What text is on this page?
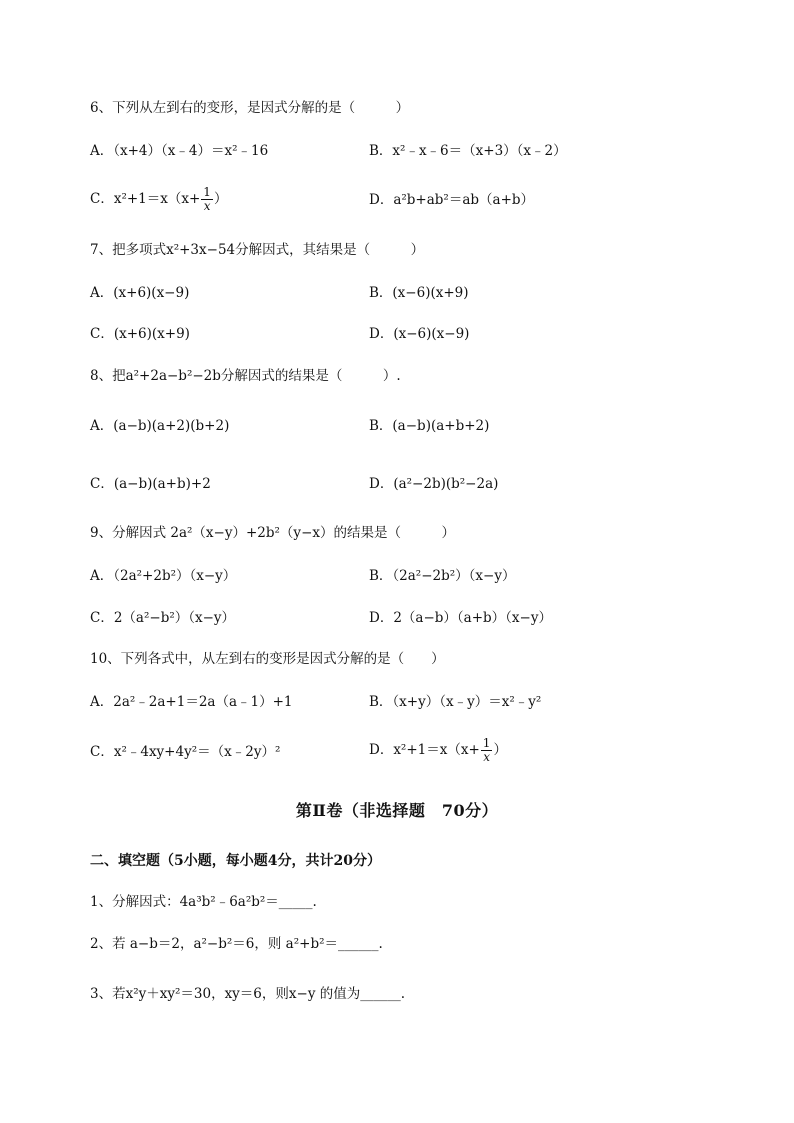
6、下列从左到右的变形，是因式分解的是（　　　）
A．（x+4）（x﹣4）＝x²﹣16	B．x²﹣x﹣6＝（x+3）（x﹣2）
C．$x^2+1=x(x+ \frac{1}{x}$ ）	D．a²b+ab²＝ab（a+b）
7、把多项式x²+3x−54分解因式，其结果是（　　　）
A．(x+6)(x−9)	B．(x−6)(x+9)
C．(x+6)(x+9)	D．(x−6)(x−9)
8、把a²+2a−b²−2b分解因式的结果是（　　　）.
A．(a−b)(a+2)(b+2)	B．(a−b)(a+b+2)
C．(a−b)(a+b)+2	D．(a²−2b)(b²−2a)
9、分解因式 2a²（x−y）+2b²（y−x）的结果是（　　　）
A．（2a²+2b²）（x−y）	B．（2a²−2b²）（x−y）
C．2（a²−b²）（x−y）	D．2（a−b）（a+b）（x−y）
10、下列各式中，从左到右的变形是因式分解的是（　　）
A．2a²﹣2a+1＝2a（a﹣1）+1	B．（x+y）（x﹣y）＝x²﹣y²
C．x²﹣4xy+4y²＝（x﹣2y）²	D．$x^2+1=x(x+ \frac{1}{x}$ ）
第Ⅱ卷（非选择题　70分）
二、填空题（5小题，每小题4分，共计20分）
1、分解因式：4a³b²﹣6a²b²＝_____.
2、若 a−b＝2，a²−b²＝6，则 a²+b²＝______.
3、若x²y＋xy²＝30，xy＝6，则x−y 的值为______.
